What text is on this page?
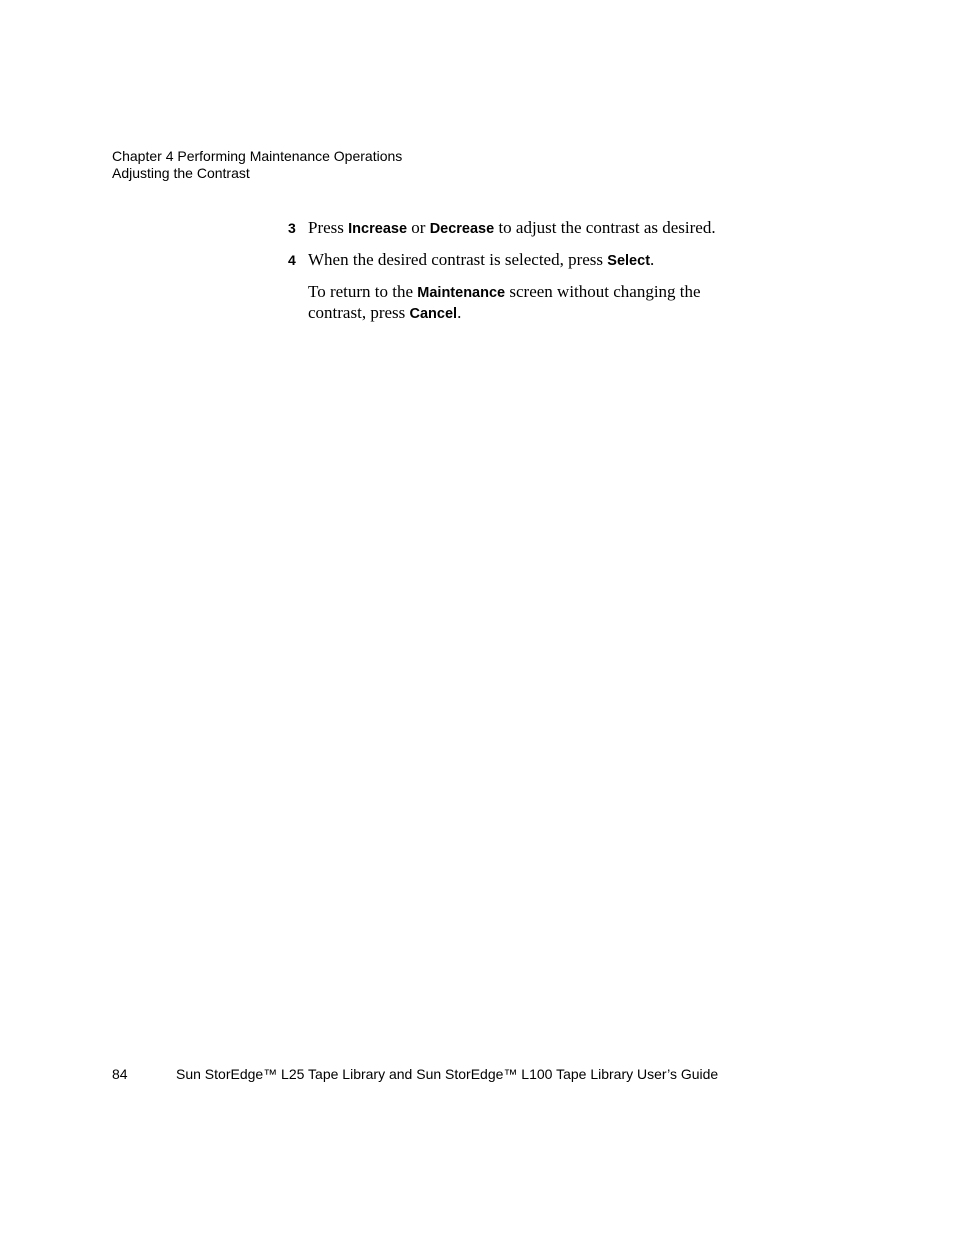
Chapter 4 Performing Maintenance Operations
Adjusting the Contrast
3 Press Increase or Decrease to adjust the contrast as desired.
4 When the desired contrast is selected, press Select.
To return to the Maintenance screen without changing the contrast, press Cancel.
84	Sun StorEdge™ L25 Tape Library and Sun StorEdge™ L100 Tape Library User’s Guide
